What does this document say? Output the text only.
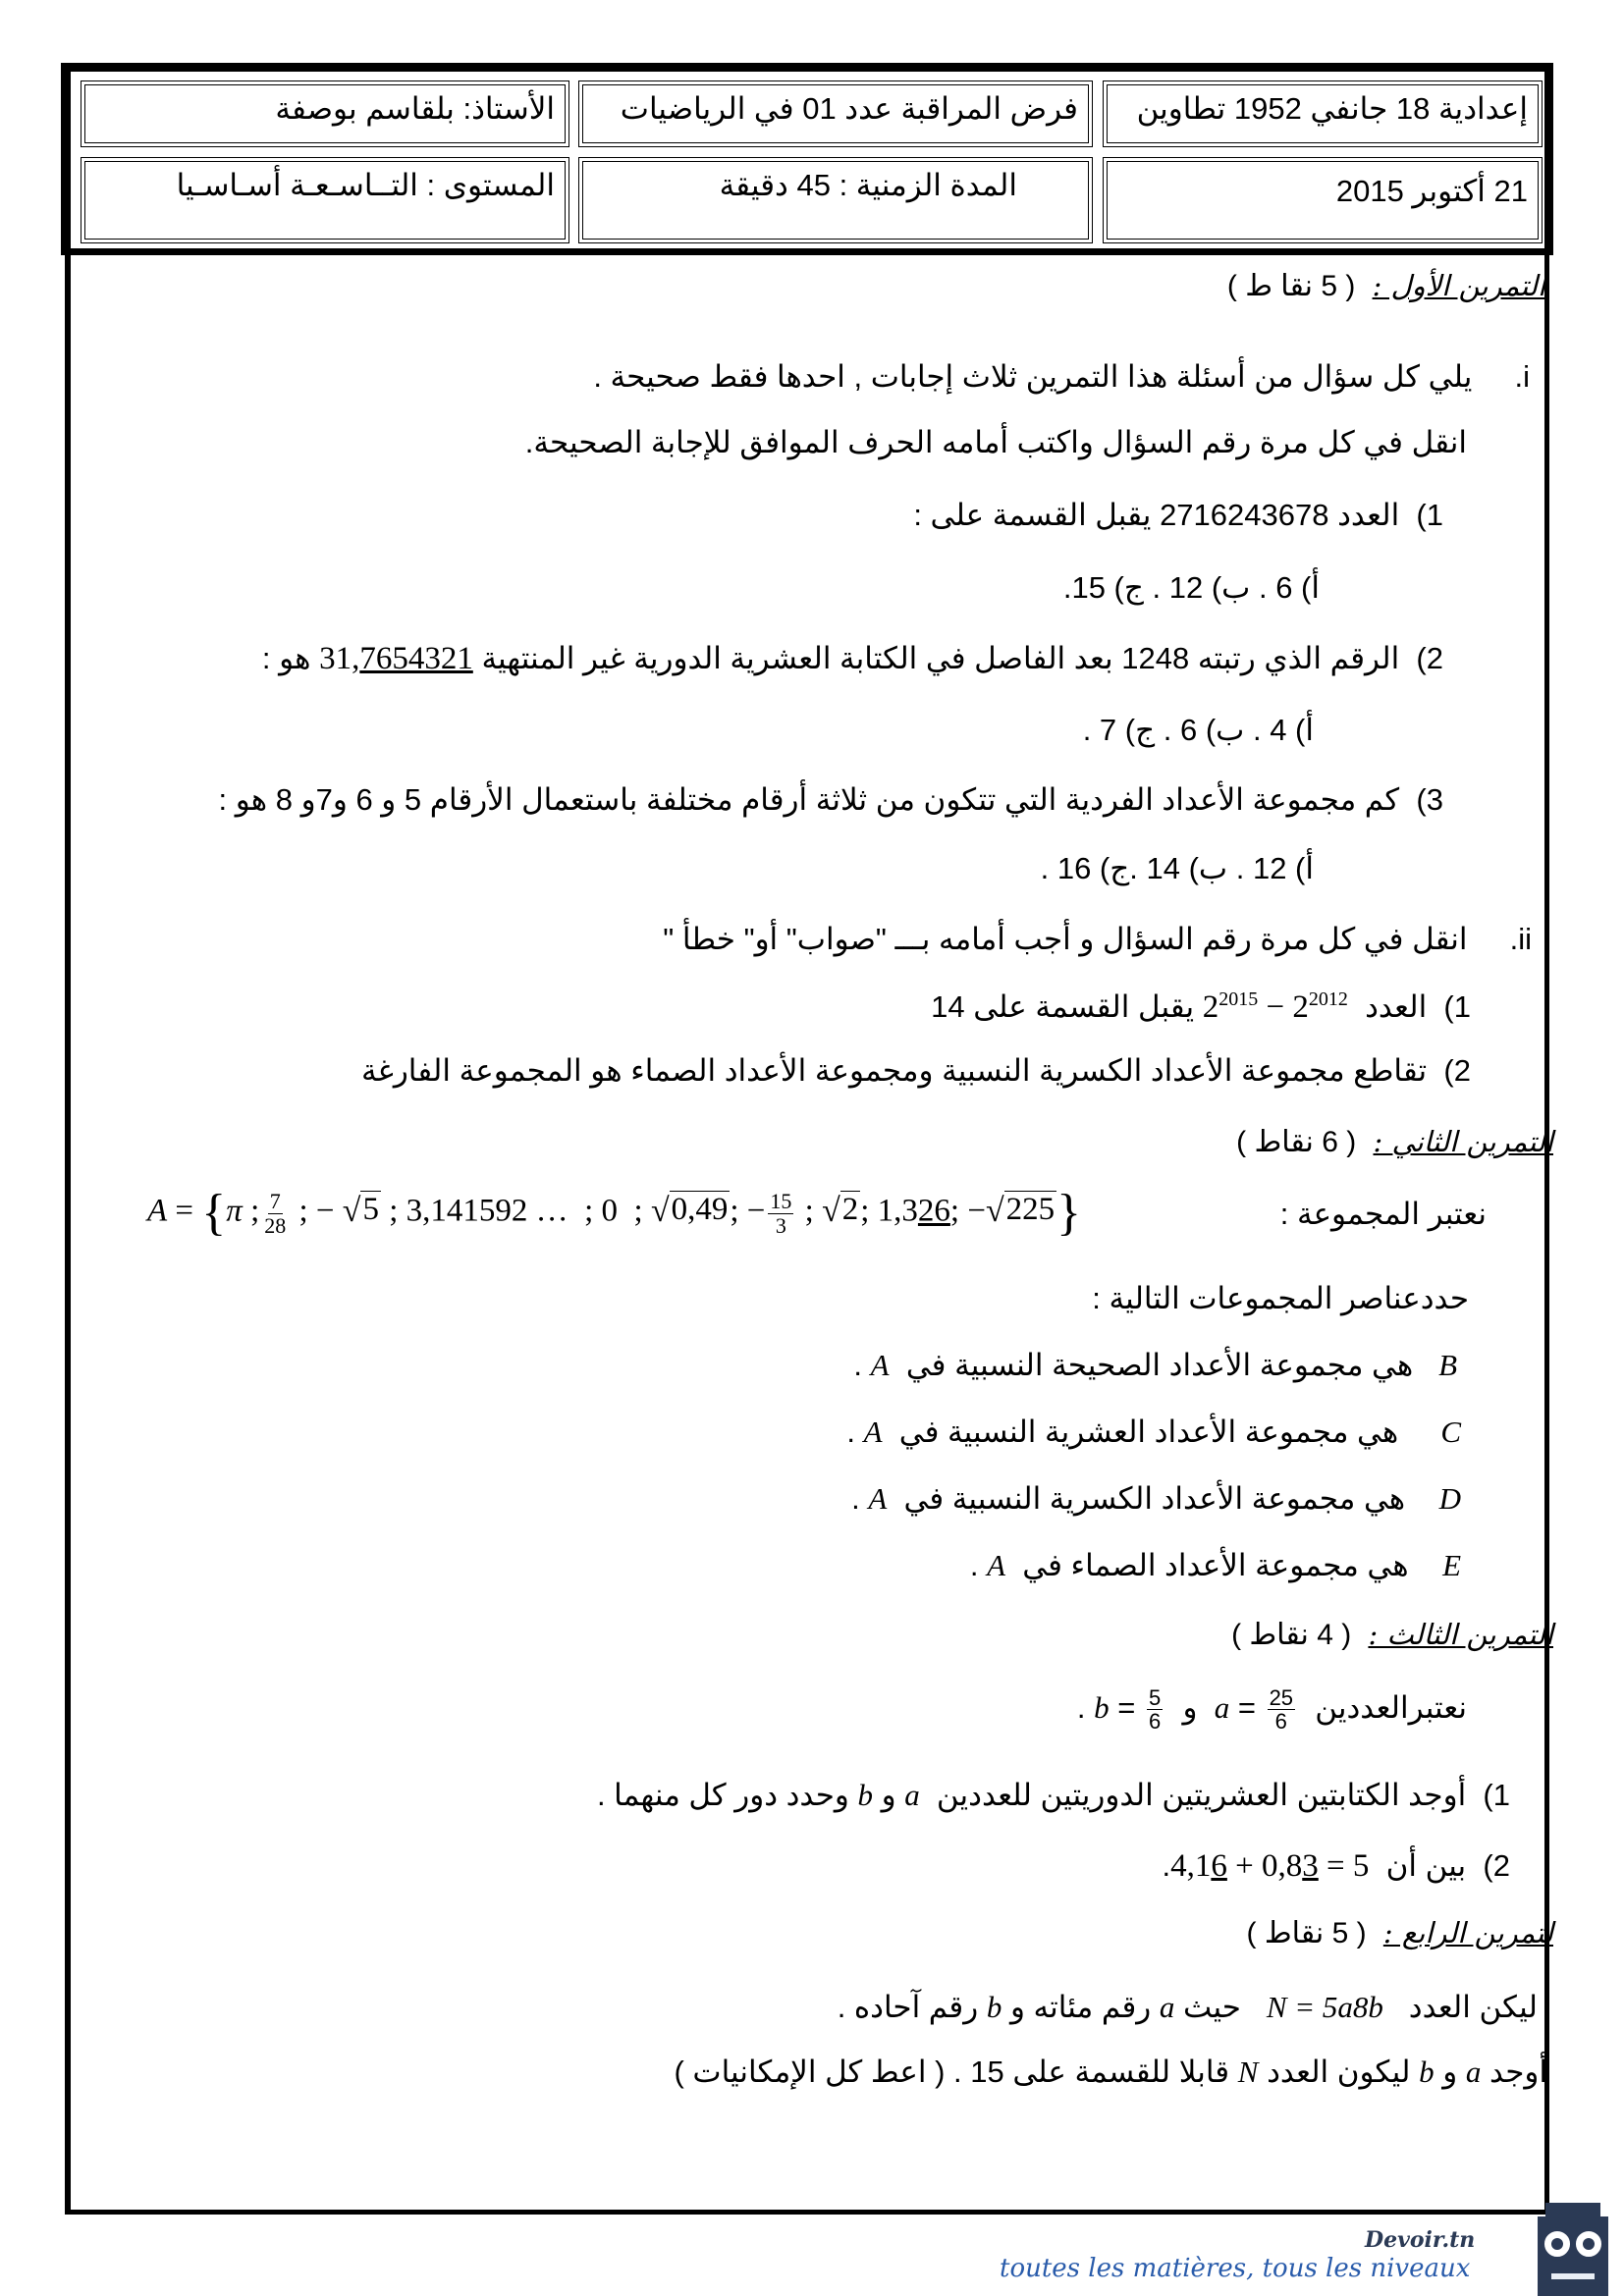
إعدادية 18 جانفي 1952 تطاوين
فرض المراقبة عدد 01 في الرياضيات
الأستاذ: بلقاسم بوصفة
21 أكتوبر 2015
المدة الزمنية : 45 دقيقة
المستوى : التــاسـعـة أسـاسـيا
التمرين الأول :  ( 5 نقا ط )
i.     يلي كل سؤال من أسئلة هذا التمرين ثلاث إجابات , احدها فقط صحيحة .
انقل في كل مرة رقم السؤال واكتب أمامه الحرف الموافق للإجابة الصحيحة.
1)  العدد 2716243678 يقبل القسمة على :
أ) 6 . ب) 12 . ج) 15.
2)  الرقم الذي رتبته 1248 بعد الفاصل في الكتابة العشرية الدورية غير المنتهية 31,7654321 هو :
أ) 4 . ب) 6 . ج) 7 .
3)  كم مجموعة الأعداد الفردية التي تتكون من ثلاثة أرقام مختلفة باستعمال الأرقام 5 و 6 و7و 8 هو :
أ) 12 . ب) 14 .ج) 16 .
ii.     انقل في كل مرة رقم السؤال و أجب أمامه بـــ "صواب" أو" خطأ "
1)  العدد  $2^{2015} - 2^{2012}$ يقبل القسمة على 14
2)  تقاطع مجموعة الأعداد الكسرية النسبية ومجموعة الأعداد الصماء هو المجموعة الفارغة
التمرين الثاني :  ( 6 نقاط )
نعتبر المجموعة :
A = {π ; $\frac{7}{28}$ ; − √ 5 ; 3,141592 …  ; 0  ; √ 0,49 ; − $\frac{15}{3}$ ; √ 2 ; 1,326; − √ 225 }
حددعناصر المجموعات التالية :
B   هي مجموعة الأعداد الصحيحة النسبية في  A .
C     هي مجموعة الأعداد العشرية النسبية في  A .
D    هي مجموعة الأعداد الكسرية النسبية في  A .
E    هي مجموعة الأعداد الصماء في  A .
التمرين الثالث :  ( 4 نقاط )
نعتبرالعددين  $a = \frac{25}{6}$
و  $b = \frac{5}{6}$
.
1)  أوجد الكتابتين العشريتين الدوريتين للعددين  a و b وحدد دور كل منهما .
2)  بين أن  4,16 + 0,83 = 5.
لتمرين الرابع :  ( 5 نقاط )
ليكن العدد   N = 5a8b   حيث a رقم مئاته و b رقم آحاده .
أوجد a و b ليكون العدد N قابلا للقسمة على 15 . ( اعط كل الإمكانيات )
Devoir.tn
toutes les matières, tous les niveaux
